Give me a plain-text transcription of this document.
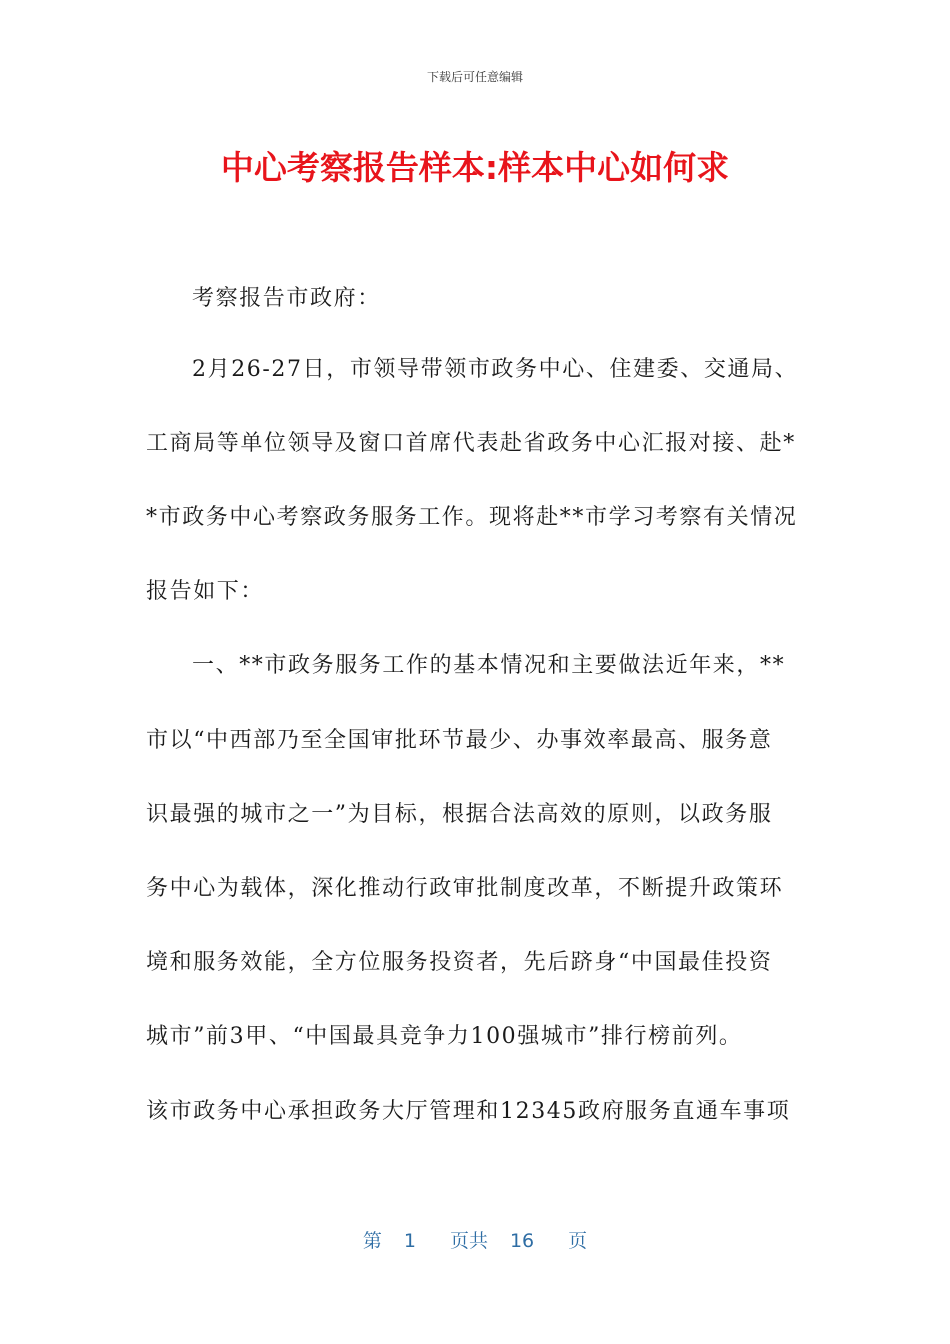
下载后可任意编辑
中心考察报告样本:样本中心如何求
考察报告市政府：
2月26-27日，市领导带领市政务中心、住建委、交通局、
工商局等单位领导及窗口首席代表赴省政务中心汇报对接、赴*
*市政务中心考察政务服务工作。现将赴**市学习考察有关情况
报告如下：
一、**市政务服务工作的基本情况和主要做法近年来，**
市以“中西部乃至全国审批环节最少、办事效率最高、服务意
识最强的城市之一”为目标，根据合法高效的原则，以政务服
务中心为载体，深化推动行政审批制度改革，不断提升政策环
境和服务效能，全方位服务投资者，先后跻身“中国最佳投资
城市”前3甲、“中国最具竞争力100强城市”排行榜前列。
该市政务中心承担政务大厅管理和12345政府服务直通车事项
第 1 页共 16 页
